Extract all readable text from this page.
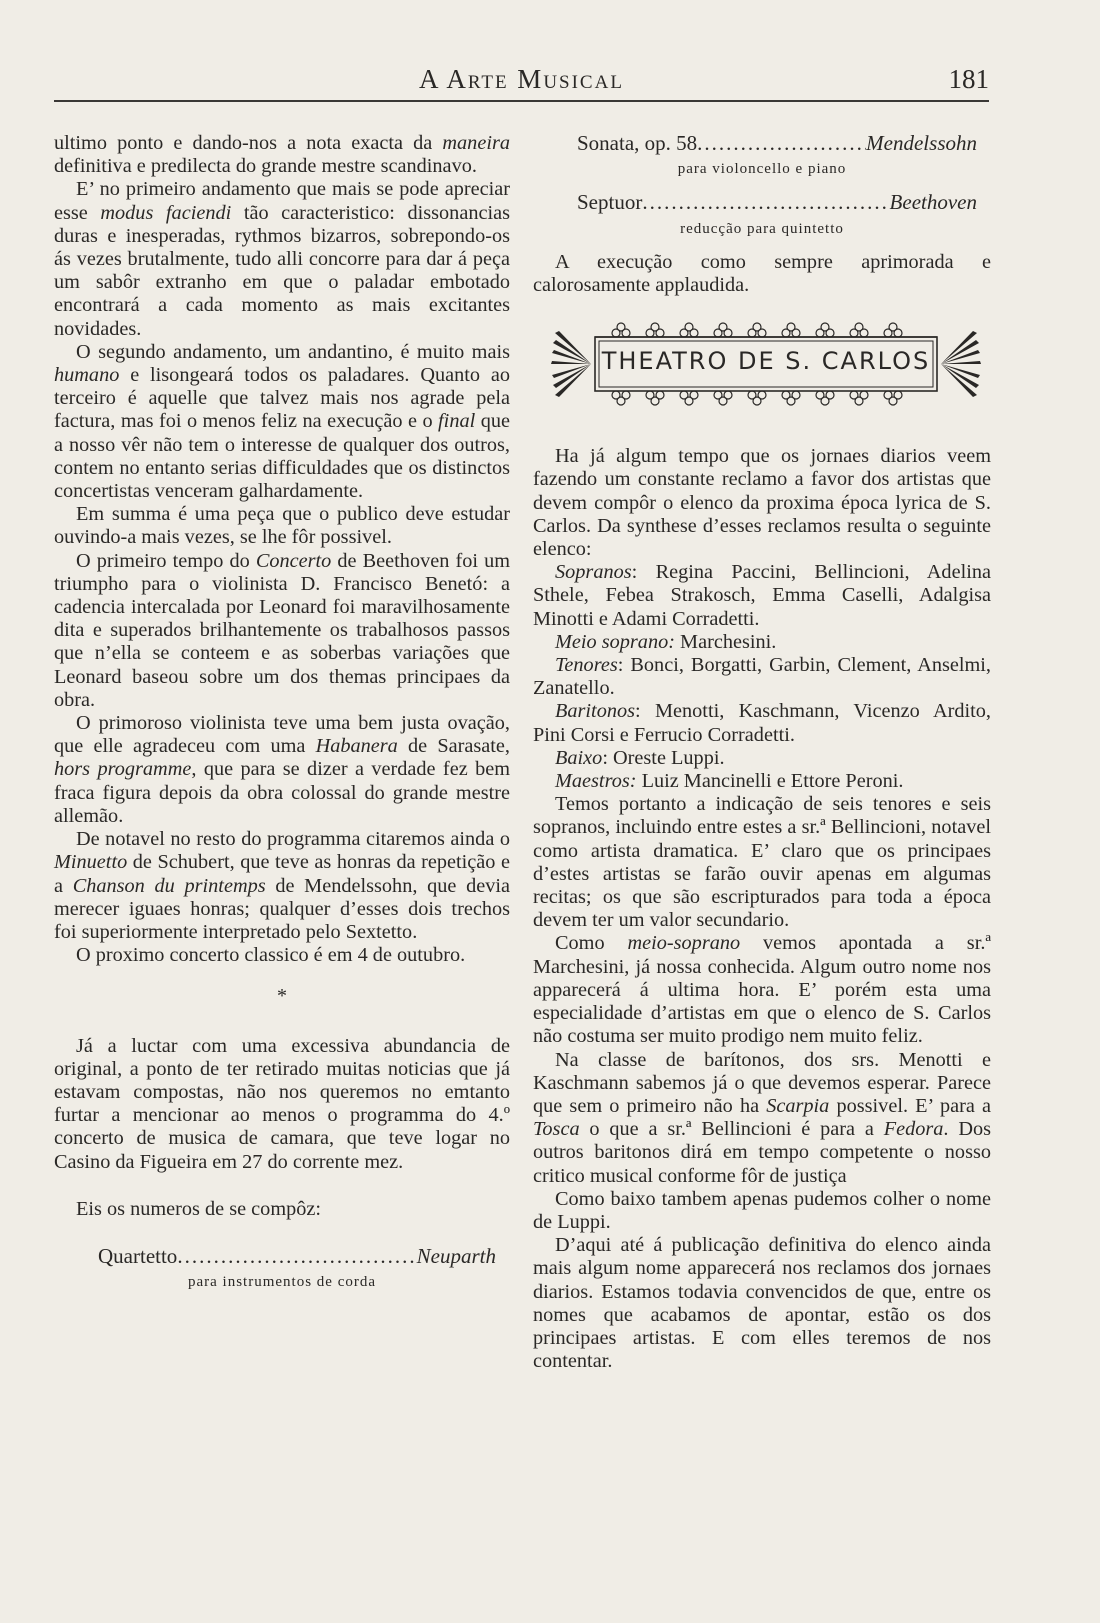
A Arte Musical	181

ultimo ponto e dando-nos a nota exacta da maneira definitiva e predilecta do grande mestre scandinavo.

E’ no primeiro andamento que mais se pode apreciar esse modus faciendi tão caracteristico: dissonancias duras e inesperadas, rythmos bizarros, sobrepondo-os ás vezes brutalmente, tudo alli concorre para dar á peça um sabôr extranho em que o paladar embotado encontrará a cada momento as mais excitantes novidades.

O segundo andamento, um andantino, é muito mais humano e lisongeará todos os paladares. Quanto ao terceiro é aquelle que talvez mais nos agrade pela factura, mas foi o menos feliz na execução e o final que a nosso vêr não tem o interesse de qualquer dos outros, contem no entanto serias difficuldades que os distinctos concertistas venceram galhardamente.

Em summa é uma peça que o publico deve estudar ouvindo-a mais vezes, se lhe fôr possivel.

O primeiro tempo do Concerto de Beethoven foi um triumpho para o violinista D. Francisco Benetó: a cadencia intercalada por Leonard foi maravilhosamente dita e superados brilhantemente os trabalhosos passos que n’ella se conteem e as soberbas variações que Leonard baseou sobre um dos themas principaes da obra.

O primoroso violinista teve uma bem justa ovação, que elle agradeceu com uma Habanera de Sarasate, hors programme, que para se dizer a verdade fez bem fraca figura depois da obra colossal do grande mestre allemão.

De notavel no resto do programma citaremos ainda o Minuetto de Schubert, que teve as honras da repetição e a Chanson du printemps de Mendelssohn, que devia merecer iguaes honras; qualquer d’esses dois trechos foi superiormente interpretado pelo Sextetto.

O proximo concerto classico é em 4 de outubro.

*

Já a luctar com uma excessiva abundancia de original, a ponto de ter retirado muitas noticias que já estavam compostas, não nos queremos no emtanto furtar a mencionar ao menos o programma do 4.º concerto de musica de camara, que teve logar no Casino da Figueira em 27 do corrente mez.

Eis os numeros de se compôz:

Quartetto .....	Neuparth
para instrumentos de corda
Sonata, op. 58 .....	Mendelssohn
para violoncello e piano
Septuor .....	Beethoven
reducção para quintetto

A execução como sempre aprimorada e calorosamente applaudida.

THEATRO DE S. CARLOS

Ha já algum tempo que os jornaes diarios veem fazendo um constante reclamo a favor dos artistas que devem compôr o elenco da proxima época lyrica de S. Carlos. Da synthese d’esses reclamos resulta o seguinte elenco:

Sopranos: Regina Paccini, Bellincioni, Adelina Sthele, Febea Strakosch, Emma Caselli, Adalgisa Minotti e Adami Corradetti.

Meio soprano: Marchesini.

Tenores: Bonci, Borgatti, Garbin, Clement, Anselmi, Zanatello.

Baritonos: Menotti, Kaschmann, Vicenzo Ardito, Pini Corsi e Ferrucio Corradetti.

Baixo: Oreste Luppi.

Maestros: Luiz Mancinelli e Ettore Peroni.

Temos portanto a indicação de seis tenores e seis sopranos, incluindo entre estes a sr.ª Bellincioni, notavel como artista dramatica. E’ claro que os principaes d’estes artistas se farão ouvir apenas em algumas recitas; os que são escripturados para toda a época devem ter um valor secundario.

Como meio-soprano vemos apontada a sr.ª Marchesini, já nossa conhecida. Algum outro nome nos apparecerá á ultima hora. E’ porém esta uma especialidade d’artistas em que o elenco de S. Carlos não costuma ser muito prodigo nem muito feliz.

Na classe de barítonos, dos srs. Menotti e Kaschmann sabemos já o que devemos esperar. Parece que sem o primeiro não ha Scarpia possivel. E’ para a Tosca o que a sr.ª Bellincioni é para a Fedora. Dos outros baritonos dirá em tempo competente o nosso critico musical conforme fôr de justiça

Como baixo tambem apenas pudemos colher o nome de Luppi.

D’aqui até á publicação definitiva do elenco ainda mais algum nome apparecerá nos reclamos dos jornaes diarios. Estamos todavia convencidos de que, entre os nomes que acabamos de apontar, estão os dos principaes artistas. E com elles teremos de nos contentar.
